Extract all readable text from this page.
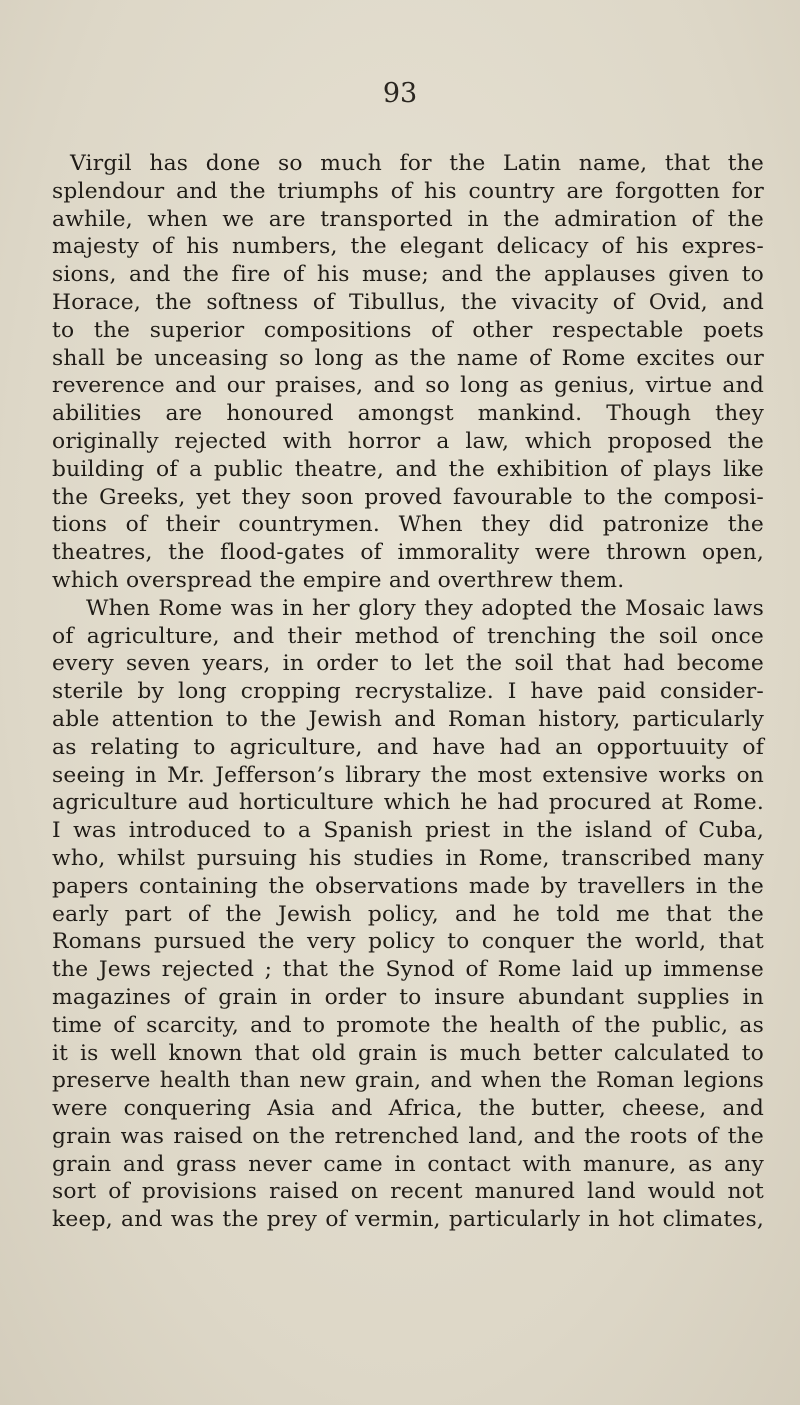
93
Virgil has done so much for the Latin name, that the
splendour and the triumphs of his country are forgotten for
awhile, when we are transported in the admiration of the
majesty of his numbers, the elegant delicacy of his expres-
sions, and the fire of his muse; and the applauses given to
Horace, the softness of Tibullus, the vivacity of Ovid, and
to the superior compositions of other respectable poets
shall be unceasing so long as the name of Rome excites our
reverence and our praises, and so long as genius, virtue and
abilities are honoured amongst mankind. Though they
originally rejected with horror a law, which proposed the
building of a public theatre, and the exhibition of plays like
the Greeks, yet they soon proved favourable to the composi-
tions of their countrymen. When they did patronize the
theatres, the flood-gates of immorality were thrown open,
which overspread the empire and overthrew them.
When Rome was in her glory they adopted the Mosaic laws
of agriculture, and their method of trenching the soil once
every seven years, in order to let the soil that had become
sterile by long cropping recrystalize. I have paid consider-
able attention to the Jewish and Roman history, particularly
as relating to agriculture, and have had an opportuuity of
seeing in Mr. Jefferson’s library the most extensive works on
agriculture aud horticulture which he had procured at Rome.
I was introduced to a Spanish priest in the island of Cuba,
who, whilst pursuing his studies in Rome, transcribed many
papers containing the observations made by travellers in the
early part of the Jewish policy, and he told me that the
Romans pursued the very policy to conquer the world, that
the Jews rejected ; that the Synod of Rome laid up immense
magazines of grain in order to insure abundant supplies in
time of scarcity, and to promote the health of the public, as
it is well known that old grain is much better calculated to
preserve health than new grain, and when the Roman legions
were conquering Asia and Africa, the butter, cheese, and
grain was raised on the retrenched land, and the roots of the
grain and grass never came in contact with manure, as any
sort of provisions raised on recent manured land would not
keep, and was the prey of vermin, particularly in hot climates,
